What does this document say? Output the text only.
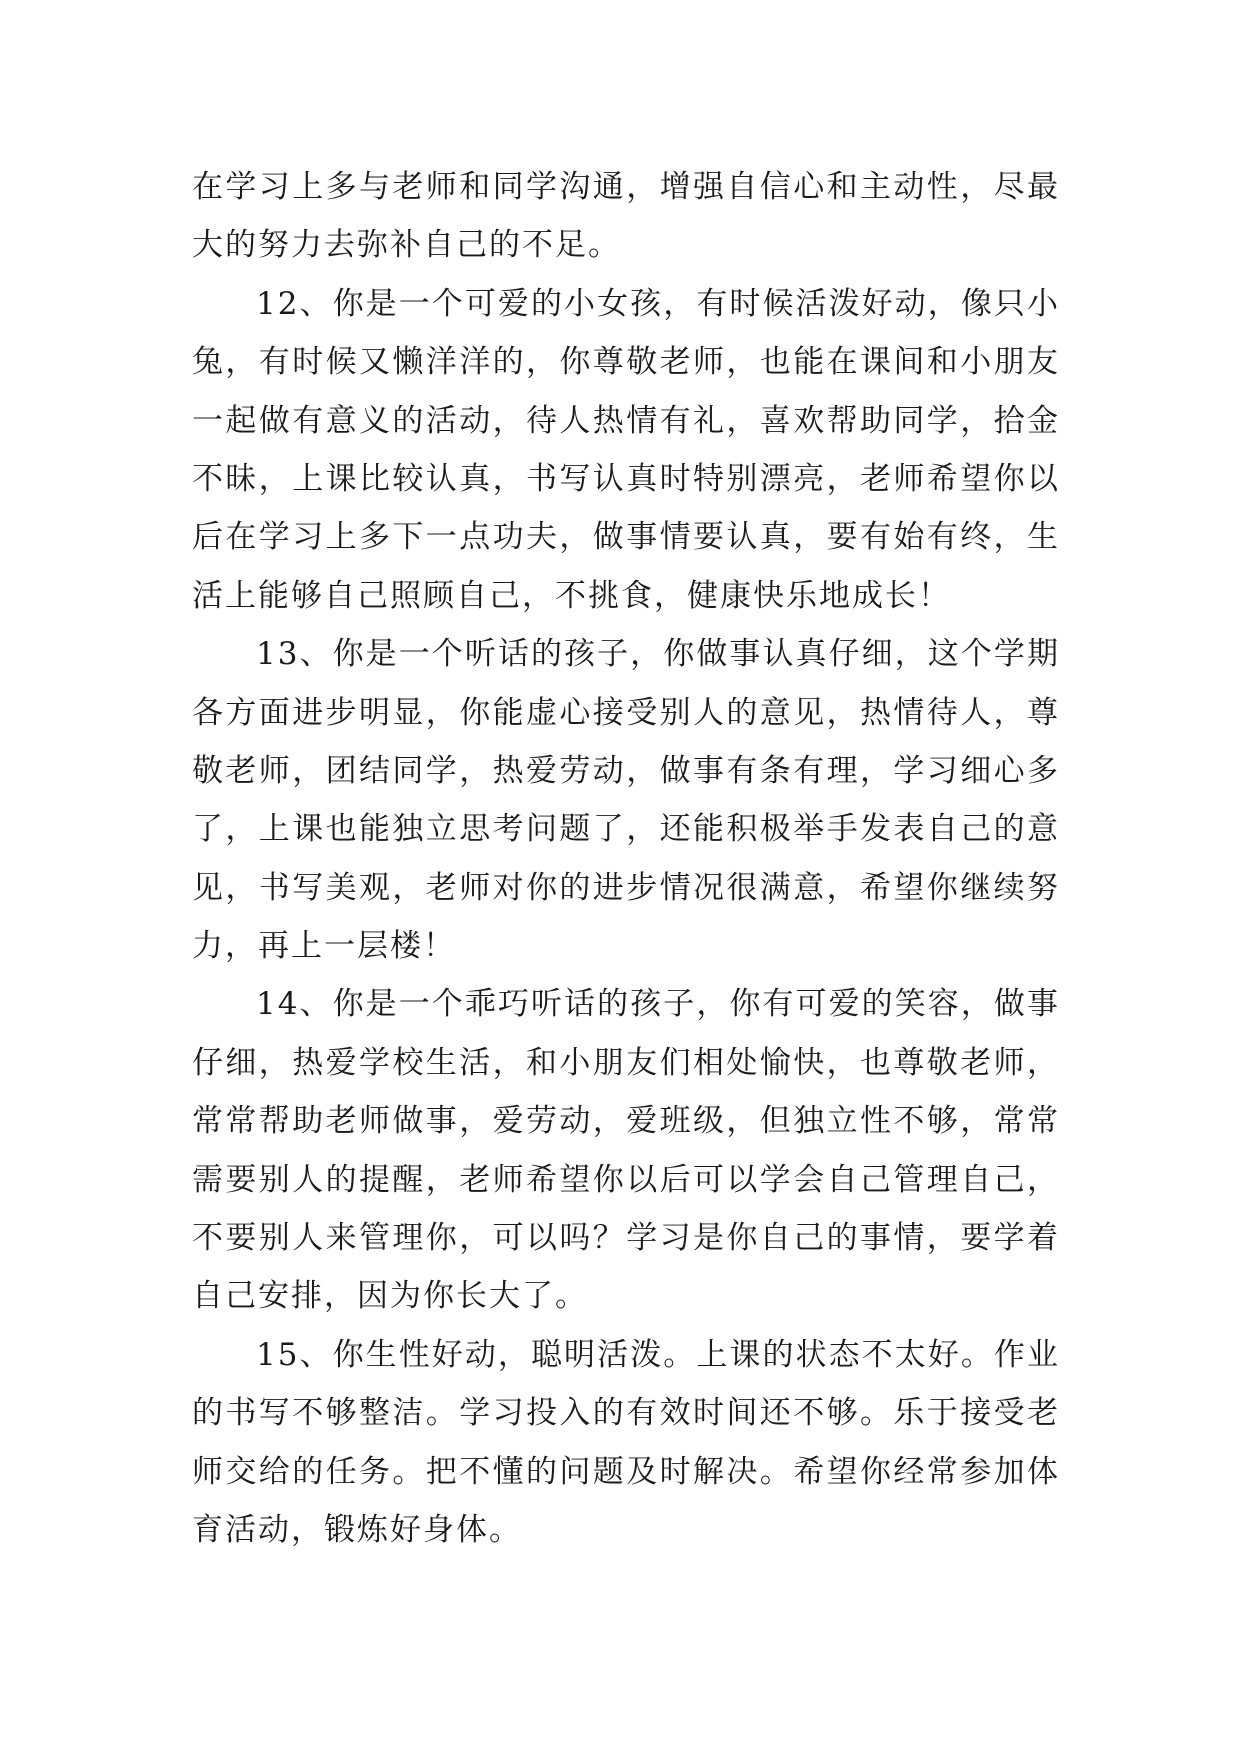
在学习上多与老师和同学沟通，增强自信心和主动性，尽最
大的努力去弥补自己的不足。
12、你是一个可爱的小女孩，有时候活泼好动，像只小
兔，有时候又懒洋洋的，你尊敬老师，也能在课间和小朋友
一起做有意义的活动，待人热情有礼，喜欢帮助同学，拾金
不昧，上课比较认真，书写认真时特别漂亮，老师希望你以
后在学习上多下一点功夫，做事情要认真，要有始有终，生
活上能够自己照顾自己，不挑食，健康快乐地成长！
13、你是一个听话的孩子，你做事认真仔细，这个学期
各方面进步明显，你能虚心接受别人的意见，热情待人，尊
敬老师，团结同学，热爱劳动，做事有条有理，学习细心多
了，上课也能独立思考问题了，还能积极举手发表自己的意
见，书写美观，老师对你的进步情况很满意，希望你继续努
力，再上一层楼！
14、你是一个乖巧听话的孩子，你有可爱的笑容，做事
仔细，热爱学校生活，和小朋友们相处愉快，也尊敬老师，
常常帮助老师做事，爱劳动，爱班级，但独立性不够，常常
需要别人的提醒，老师希望你以后可以学会自己管理自己，
不要别人来管理你，可以吗？学习是你自己的事情，要学着
自己安排，因为你长大了。
15、你生性好动，聪明活泼。上课的状态不太好。作业
的书写不够整洁。学习投入的有效时间还不够。乐于接受老
师交给的任务。把不懂的问题及时解决。希望你经常参加体
育活动，锻炼好身体。
